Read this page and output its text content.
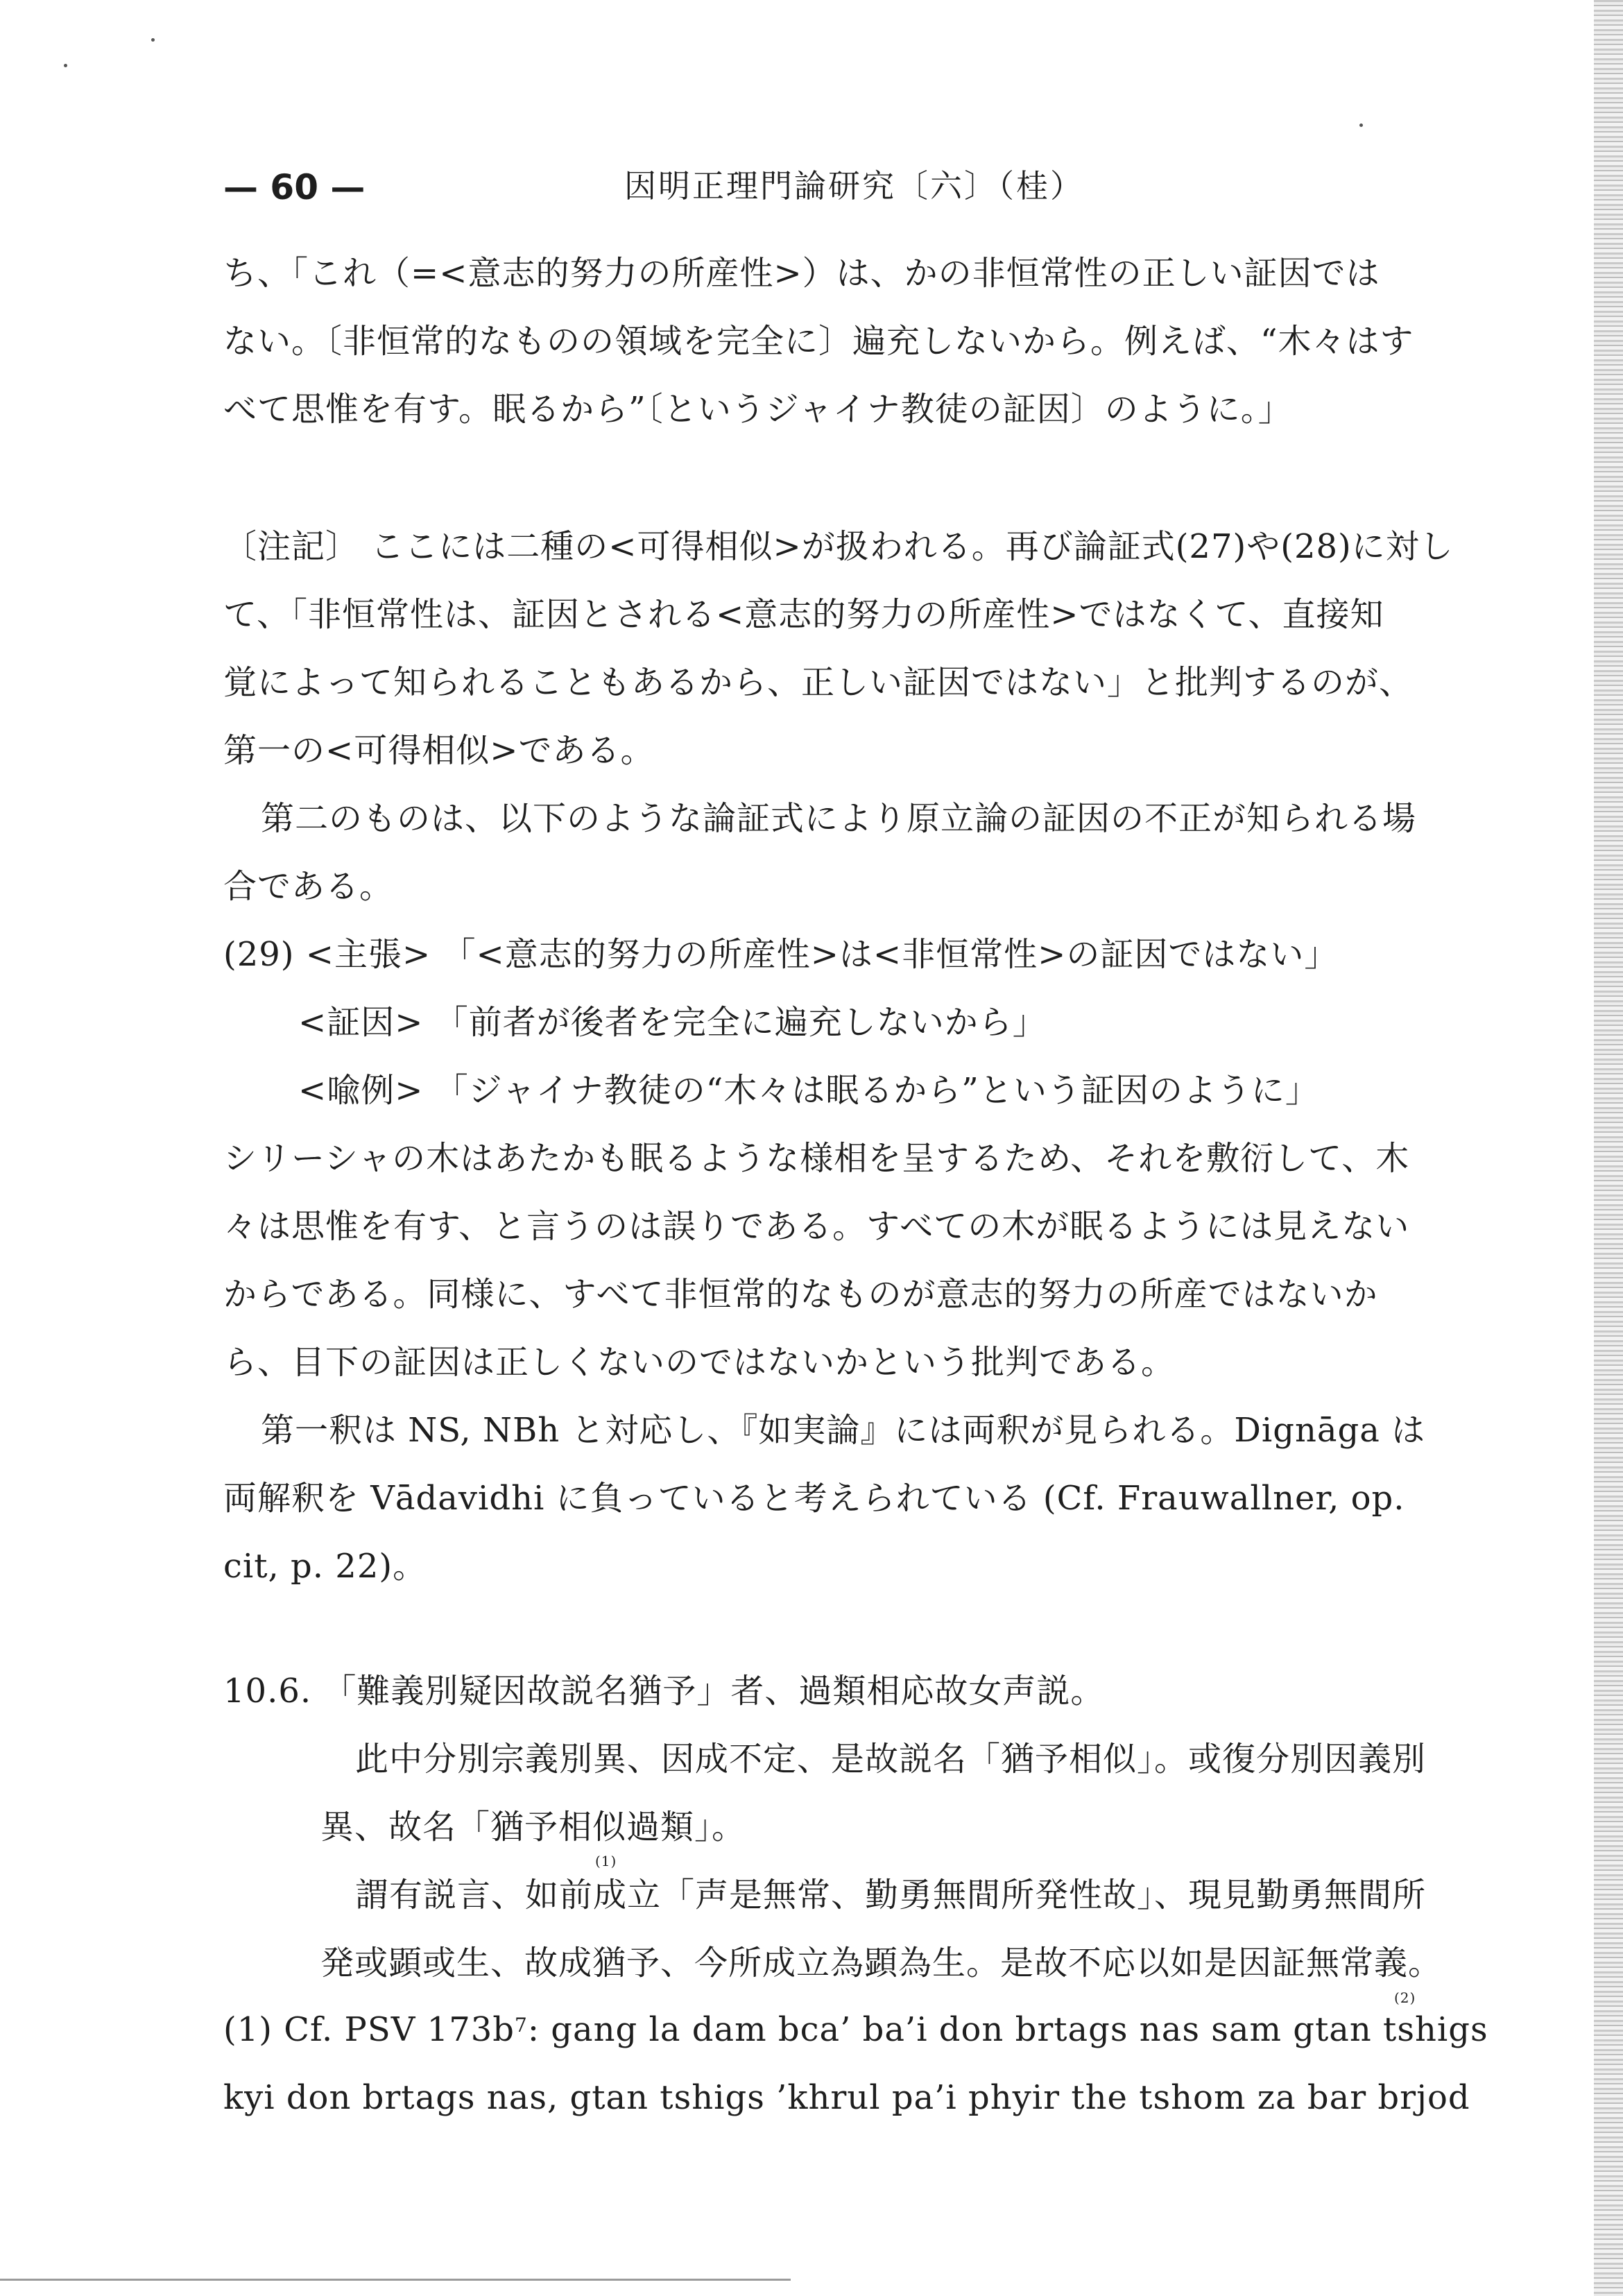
— 60 —	因明正理門論研究〔六〕（桂）
ち、「これ（=<意志的努力の所産性>）は、かの非恒常性の正しい証因では
ない。〔非恒常的なものの領域を完全に〕遍充しないから。例えば、“木々はす
べて思惟を有す。眠るから”〔というジャイナ教徒の証因〕のように。」
〔注記〕 ここには二種の<可得相似>が扱われる。再び論証式(27)や(28)に対し
て、「非恒常性は、証因とされる<意志的努力の所産性>ではなくて、直接知
覚によって知られることもあるから、正しい証因ではない」と批判するのが、
第一の<可得相似>である。
第二のものは、以下のような論証式により原立論の証因の不正が知られる場
合である。
(29) <主張> 「<意志的努力の所産性>は<非恒常性>の証因ではない」
<証因> 「前者が後者を完全に遍充しないから」
<喩例> 「ジャイナ教徒の“木々は眠るから”という証因のように」
シリーシャの木はあたかも眠るような様相を呈するため、それを敷衍して、木
々は思惟を有す、と言うのは誤りである。すべての木が眠るようには見えない
からである。同様に、すべて非恒常的なものが意志的努力の所産ではないか
ら、目下の証因は正しくないのではないかという批判である。
第一釈は NS, NBh と対応し、『如実論』には両釈が見られる。Dignāga は
両解釈を Vādavidhi に負っていると考えられている (Cf. Frauwallner, op.
cit, p. 22)。
10.6. 「難義別疑因故説名猶予」者、過類相応故女声説。
此中分別宗義別異、因成不定、是故説名「猶予相似」。或復分別因義別
異、故名「猶予相似過類」。
謂有説言、如前成立「声是無常、勤勇無間所発性故」、現見勤勇無間所
発或顕或生、故成猶予、今所成立為顕為生。是故不応以如是因証無常義。
(1) Cf. PSV $173b^7$: gang la dam bca’ ba’i don brtags nas sam gtan tshigs
kyi don brtags nas, gtan tshigs ’khrul pa’i phyir the tshom za bar brjod
(1)
(2)
